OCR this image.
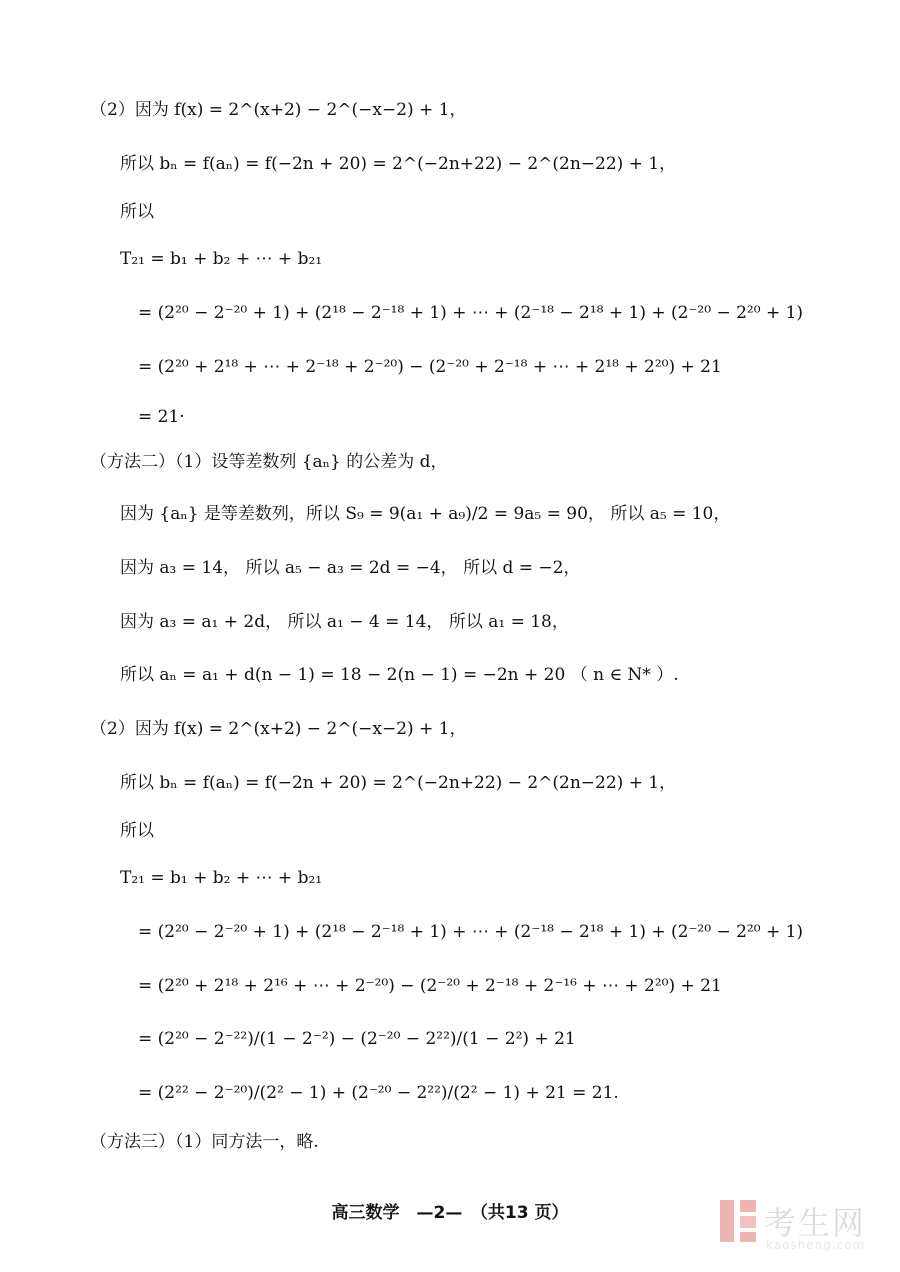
（2）因为 f(x) = 2^(x+2) − 2^(−x−2) + 1，
所以 bₙ = f(aₙ) = f(−2n + 20) = 2^(−2n+22) − 2^(2n−22) + 1，
所以
T₂₁ = b₁ + b₂ + ⋯ + b₂₁
= (2²⁰ − 2⁻²⁰ + 1) + (2¹⁸ − 2⁻¹⁸ + 1) + ⋯ + (2⁻¹⁸ − 2¹⁸ + 1) + (2⁻²⁰ − 2²⁰ + 1)
= (2²⁰ + 2¹⁸ + ⋯ + 2⁻¹⁸ + 2⁻²⁰) − (2⁻²⁰ + 2⁻¹⁸ + ⋯ + 2¹⁸ + 2²⁰) + 21
= 21·
（方法二）（1）设等差数列 {aₙ} 的公差为 d，
因为 {aₙ} 是等差数列，所以 S₉ = 9(a₁ + a₉)/2 = 9a₅ = 90， 所以 a₅ = 10，
因为 a₃ = 14， 所以 a₅ − a₃ = 2d = −4， 所以 d = −2，
因为 a₃ = a₁ + 2d， 所以 a₁ − 4 = 14， 所以 a₁ = 18，
所以 aₙ = a₁ + d(n − 1) = 18 − 2(n − 1) = −2n + 20 （ n ∈ N* ）.
（2）因为 f(x) = 2^(x+2) − 2^(−x−2) + 1，
所以 bₙ = f(aₙ) = f(−2n + 20) = 2^(−2n+22) − 2^(2n−22) + 1，
所以
T₂₁ = b₁ + b₂ + ⋯ + b₂₁
= (2²⁰ − 2⁻²⁰ + 1) + (2¹⁸ − 2⁻¹⁸ + 1) + ⋯ + (2⁻¹⁸ − 2¹⁸ + 1) + (2⁻²⁰ − 2²⁰ + 1)
= (2²⁰ + 2¹⁸ + 2¹⁶ + ⋯ + 2⁻²⁰) − (2⁻²⁰ + 2⁻¹⁸ + 2⁻¹⁶ + ⋯ + 2²⁰) + 21
= (2²⁰ − 2⁻²²)/(1 − 2⁻²) − (2⁻²⁰ − 2²²)/(1 − 2²) + 21
= (2²² − 2⁻²⁰)/(2² − 1) + (2⁻²⁰ − 2²²)/(2² − 1) + 21 = 21.
（方法三）（1）同方法一，略.
高三数学　—2—　（共13 页）	考生网
kaosheng.com
